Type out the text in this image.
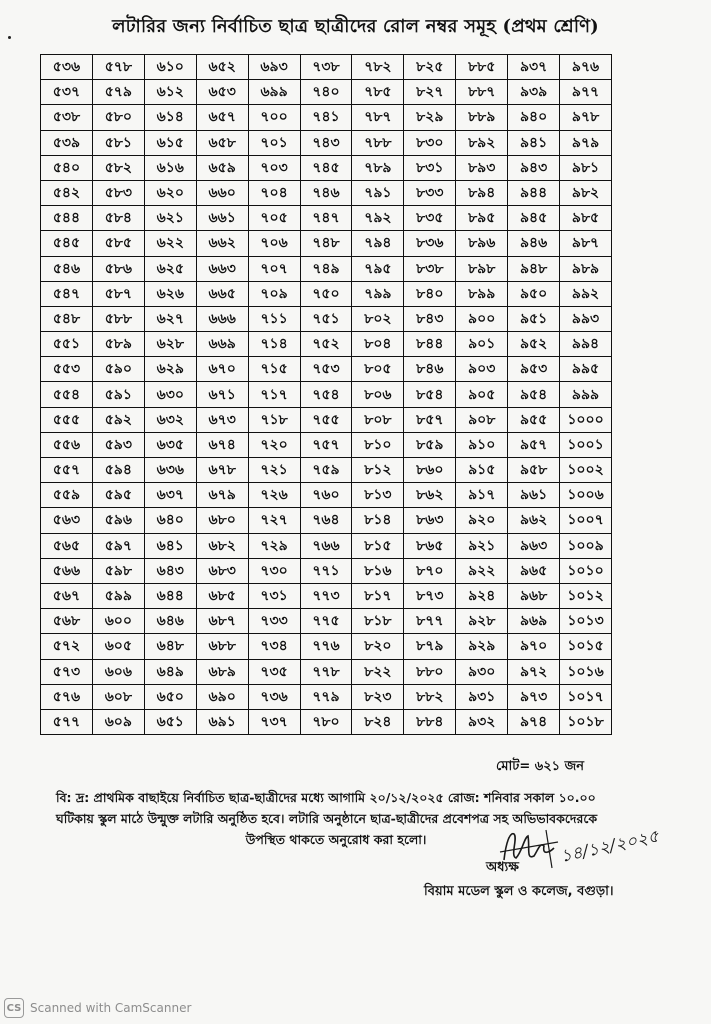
লটারির জন্য নির্বাচিত ছাত্র ছাত্রীদের রোল নম্বর সমূহ (প্রথম শ্রেণি)
৫৩৬	৫৭৮	৬১০	৬৫২	৬৯৩	৭৩৮	৭৮২	৮২৫	৮৮৫	৯৩৭	৯৭৬
৫৩৭	৫৭৯	৬১২	৬৫৩	৬৯৯	৭৪০	৭৮৫	৮২৭	৮৮৭	৯৩৯	৯৭৭
৫৩৮	৫৮০	৬১৪	৬৫৭	৭০০	৭৪১	৭৮৭	৮২৯	৮৮৯	৯৪০	৯৭৮
৫৩৯	৫৮১	৬১৫	৬৫৮	৭০১	৭৪৩	৭৮৮	৮৩০	৮৯২	৯৪১	৯৭৯
৫৪০	৫৮২	৬১৬	৬৫৯	৭০৩	৭৪৫	৭৮৯	৮৩১	৮৯৩	৯৪৩	৯৮১
৫৪২	৫৮৩	৬২০	৬৬০	৭০৪	৭৪৬	৭৯১	৮৩৩	৮৯৪	৯৪৪	৯৮২
৫৪৪	৫৮৪	৬২১	৬৬১	৭০৫	৭৪৭	৭৯২	৮৩৫	৮৯৫	৯৪৫	৯৮৫
৫৪৫	৫৮৫	৬২২	৬৬২	৭০৬	৭৪৮	৭৯৪	৮৩৬	৮৯৬	৯৪৬	৯৮৭
৫৪৬	৫৮৬	৬২৫	৬৬৩	৭০৭	৭৪৯	৭৯৫	৮৩৮	৮৯৮	৯৪৮	৯৮৯
৫৪৭	৫৮৭	৬২৬	৬৬৫	৭০৯	৭৫০	৭৯৯	৮৪০	৮৯৯	৯৫০	৯৯২
৫৪৮	৫৮৮	৬২৭	৬৬৬	৭১১	৭৫১	৮০২	৮৪৩	৯০০	৯৫১	৯৯৩
৫৫১	৫৮৯	৬২৮	৬৬৯	৭১৪	৭৫২	৮০৪	৮৪৪	৯০১	৯৫২	৯৯৪
৫৫৩	৫৯০	৬২৯	৬৭০	৭১৫	৭৫৩	৮০৫	৮৪৬	৯০৩	৯৫৩	৯৯৫
৫৫৪	৫৯১	৬৩০	৬৭১	৭১৭	৭৫৪	৮০৬	৮৫৪	৯০৫	৯৫৪	৯৯৯
৫৫৫	৫৯২	৬৩২	৬৭৩	৭১৮	৭৫৫	৮০৮	৮৫৭	৯০৮	৯৫৫	১০০০
৫৫৬	৫৯৩	৬৩৫	৬৭৪	৭২০	৭৫৭	৮১০	৮৫৯	৯১০	৯৫৭	১০০১
৫৫৭	৫৯৪	৬৩৬	৬৭৮	৭২১	৭৫৯	৮১২	৮৬০	৯১৫	৯৫৮	১০০২
৫৫৯	৫৯৫	৬৩৭	৬৭৯	৭২৬	৭৬০	৮১৩	৮৬২	৯১৭	৯৬১	১০০৬
৫৬৩	৫৯৬	৬৪০	৬৮০	৭২৭	৭৬৪	৮১৪	৮৬৩	৯২০	৯৬২	১০০৭
৫৬৫	৫৯৭	৬৪১	৬৮২	৭২৯	৭৬৬	৮১৫	৮৬৫	৯২১	৯৬৩	১০০৯
৫৬৬	৫৯৮	৬৪৩	৬৮৩	৭৩০	৭৭১	৮১৬	৮৭০	৯২২	৯৬৫	১০১০
৫৬৭	৫৯৯	৬৪৪	৬৮৫	৭৩১	৭৭৩	৮১৭	৮৭৩	৯২৪	৯৬৮	১০১২
৫৬৮	৬০০	৬৪৬	৬৮৭	৭৩৩	৭৭৫	৮১৮	৮৭৭	৯২৮	৯৬৯	১০১৩
৫৭২	৬০৫	৬৪৮	৬৮৮	৭৩৪	৭৭৬	৮২০	৮৭৯	৯২৯	৯৭০	১০১৫
৫৭৩	৬০৬	৬৪৯	৬৮৯	৭৩৫	৭৭৮	৮২২	৮৮০	৯৩০	৯৭২	১০১৬
৫৭৬	৬০৮	৬৫০	৬৯০	৭৩৬	৭৭৯	৮২৩	৮৮২	৯৩১	৯৭৩	১০১৭
৫৭৭	৬০৯	৬৫১	৬৯১	৭৩৭	৭৮০	৮২৪	৮৮৪	৯৩২	৯৭৪	১০১৮
মোট= ৬২১ জন
বি: দ্র: প্রাথমিক বাছাইয়ে নির্বাচিত ছাত্র-ছাত্রীদের মধ্যে আগামি ২০/১২/২০২৫ রোজ: শনিবার সকাল ১০.০০
ঘটিকায় স্কুল মাঠে উন্মুক্ত লটারি অনুষ্ঠিত হবে। লটারি অনুষ্ঠানে ছাত্র-ছাত্রীদের প্রবেশপত্র সহ অভিভাবকদেরকে
উপস্থিত থাকতে অনুরোধ করা হলো।	১৪/১২/২০২৫
অধ্যক্ষ
বিয়াম মডেল স্কুল ও কলেজ, বগুড়া।
CS Scanned with CamScanner
